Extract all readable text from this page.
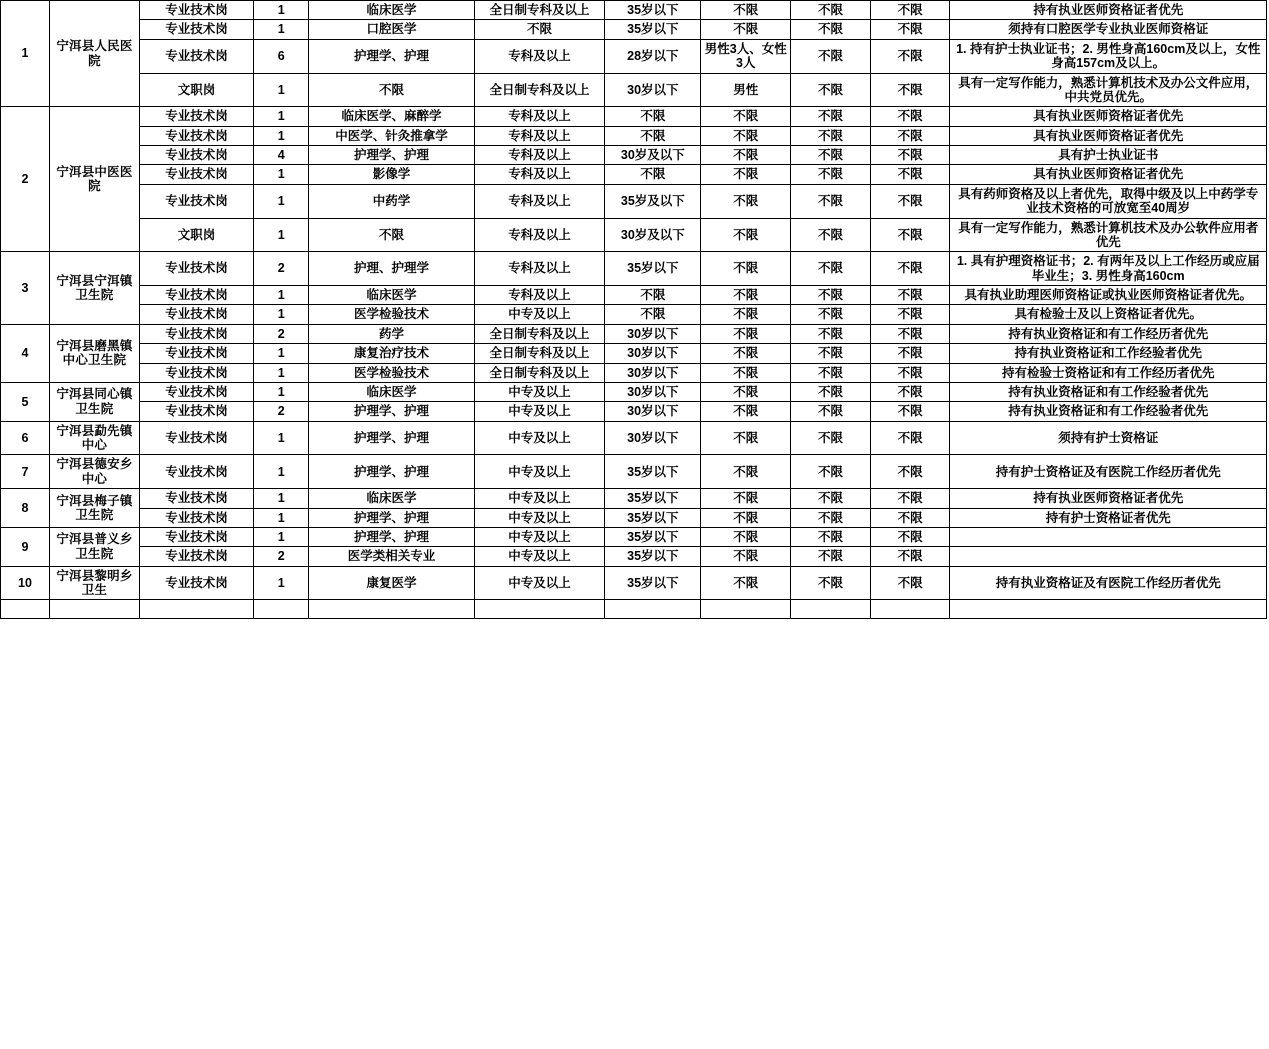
1	宁洱县人民医院	专业技术岗	1	临床医学	全日制专科及以上	35岁以下	不限	不限	不限	持有执业医师资格证者优先
		专业技术岗	1	口腔医学	不限	35岁以下	不限	不限	不限	须持有口腔医学专业执业医师资格证
		专业技术岗	6	护理学、护理	专科及以上	28岁以下	男性3人、女性3人	不限	不限	1. 持有护士执业证书；2. 男性身高160cm及以上，女性身高157cm及以上。
		文职岗	1	不限	全日制专科及以上	30岁以下	男性	不限	不限	具有一定写作能力，熟悉计算机技术及办公文件应用，中共党员优先。
2	宁洱县中医医院	专业技术岗	1	临床医学、麻醉学	专科及以上	不限	不限	不限	不限	具有执业医师资格证者优先
		专业技术岗	1	中医学、针灸推拿学	专科及以上	不限	不限	不限	不限	具有执业医师资格证者优先
		专业技术岗	4	护理学、护理	专科及以上	30岁及以下	不限	不限	不限	具有护士执业证书
		专业技术岗	1	影像学	专科及以上	不限	不限	不限	不限	具有执业医师资格证者优先
		专业技术岗	1	中药学	专科及以上	35岁及以下	不限	不限	不限	具有药师资格及以上者优先，取得中级及以上中药学专业技术资格的可放宽至40周岁
		文职岗	1	不限	专科及以上	30岁及以下	不限	不限	不限	具有一定写作能力，熟悉计算机技术及办公软件应用者优先
3	宁洱县宁洱镇卫生院	专业技术岗	2	护理、护理学	专科及以上	35岁以下	不限	不限	不限	1. 具有护理资格证书；2. 有两年及以上工作经历或应届毕业生；3. 男性身高160cm
		专业技术岗	1	临床医学	专科及以上	不限	不限	不限	不限	具有执业助理医师资格证或执业医师资格证者优先。
		专业技术岗	1	医学检验技术	中专及以上	不限	不限	不限	不限	具有检验士及以上资格证者优先。
4	宁洱县磨黑镇中心卫生院	专业技术岗	2	药学	全日制专科及以上	30岁以下	不限	不限	不限	持有执业资格证和有工作经历者优先
		专业技术岗	1	康复治疗技术	全日制专科及以上	30岁以下	不限	不限	不限	持有执业资格证和工作经验者优先
		专业技术岗	1	医学检验技术	全日制专科及以上	30岁以下	不限	不限	不限	持有检验士资格证和有工作经历者优先
5	宁洱县同心镇卫生院	专业技术岗	1	临床医学	中专及以上	30岁以下	不限	不限	不限	持有执业资格证和有工作经验者优先
		专业技术岗	2	护理学、护理	中专及以上	30岁以下	不限	不限	不限	持有执业资格证和有工作经验者优先
6	宁洱县勐先镇中心	专业技术岗	1	护理学、护理	中专及以上	30岁以下	不限	不限	不限	须持有护士资格证
7	宁洱县德安乡中心	专业技术岗	1	护理学、护理	中专及以上	35岁以下	不限	不限	不限	持有护士资格证及有医院工作经历者优先
8	宁洱县梅子镇卫生院	专业技术岗	1	临床医学	中专及以上	35岁以下	不限	不限	不限	持有执业医师资格证者优先
		专业技术岗	1	护理学、护理	中专及以上	35岁以下	不限	不限	不限	持有护士资格证者优先
9	宁洱县普义乡卫生院	专业技术岗	1	护理学、护理	中专及以上	35岁以下	不限	不限	不限	
		专业技术岗	2	医学类相关专业	中专及以上	35岁以下	不限	不限	不限	
10	宁洱县黎明乡卫生	专业技术岗	1	康复医学	中专及以上	35岁以下	不限	不限	不限	持有执业资格证及有医院工作经历者优先
